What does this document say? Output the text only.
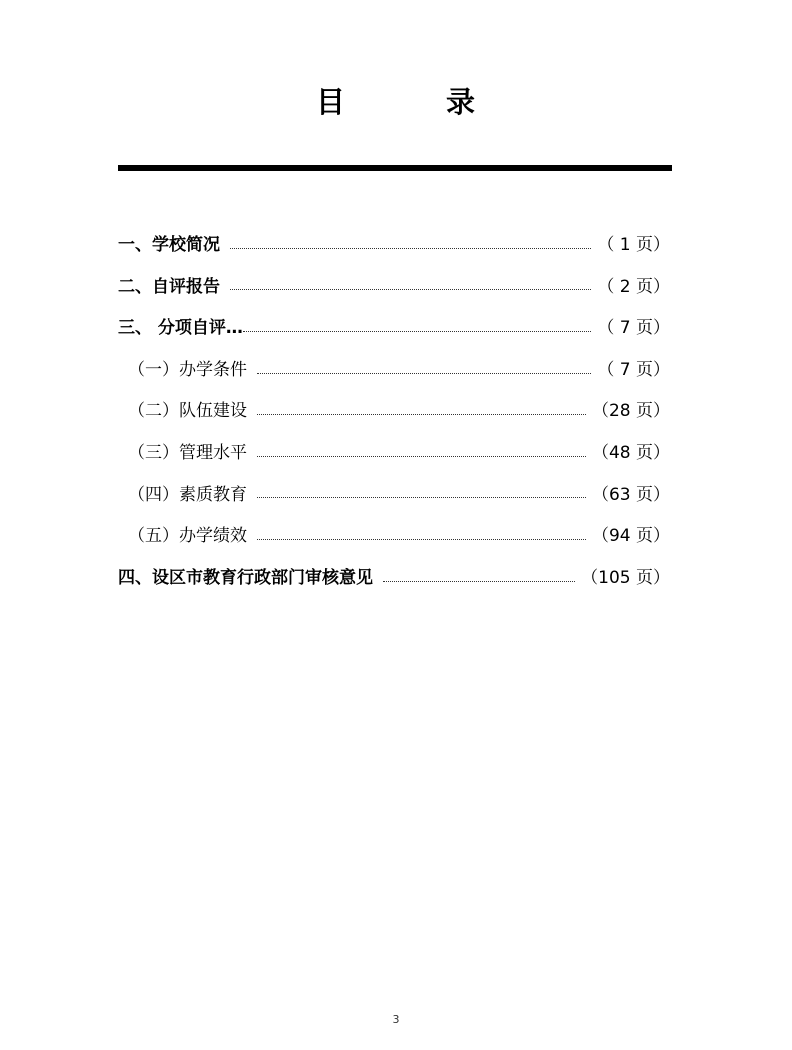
目	录
一、学校简况	（ 1 页）
二、自评报告	（ 2 页）
三、 分项自评…	（ 7 页）
（一）办学条件	（ 7 页）
（二）队伍建设	（28 页）
（三）管理水平	（48 页）
（四）素质教育	（63 页）
（五）办学绩效	（94 页）
四、设区市教育行政部门审核意见	（105 页）
3
